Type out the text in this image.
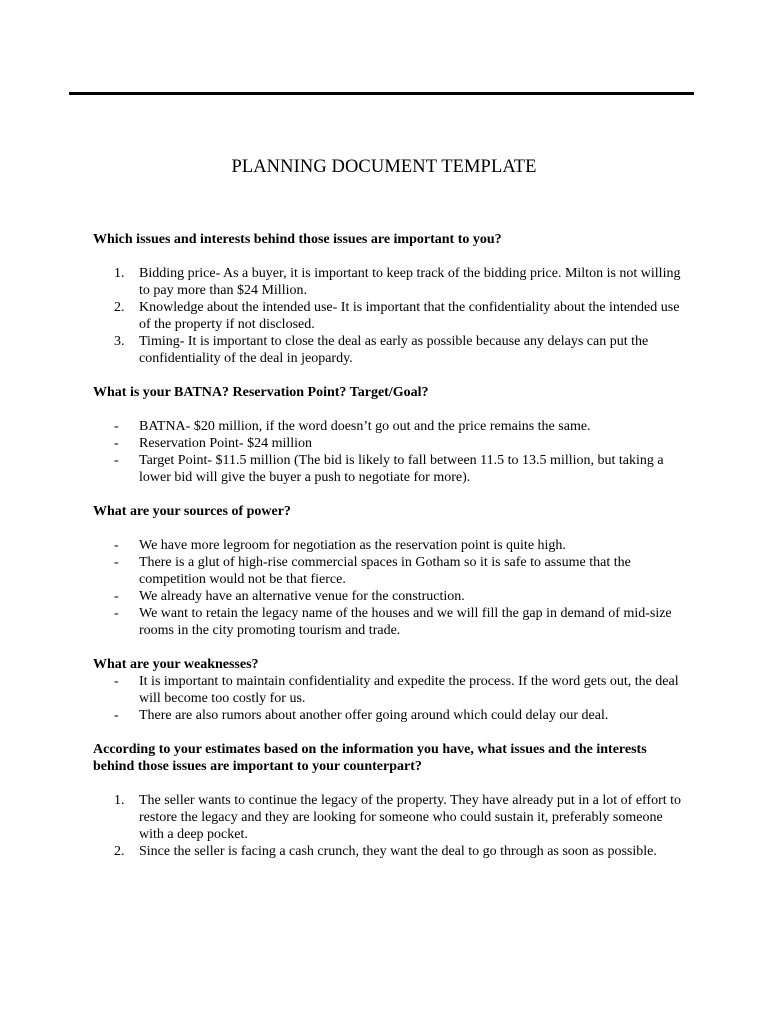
PLANNING DOCUMENT TEMPLATE
Which issues and interests behind those issues are important to you?
1. Bidding price- As a buyer, it is important to keep track of the bidding price. Milton is not willing to pay more than $24 Million.
2. Knowledge about the intended use- It is important that the confidentiality about the intended use of the property if not disclosed.
3. Timing- It is important to close the deal as early as possible because any delays can put the confidentiality of the deal in jeopardy.
What is your BATNA? Reservation Point? Target/Goal?
- BATNA- $20 million, if the word doesn’t go out and the price remains the same.
- Reservation Point- $24 million
- Target Point- $11.5 million (The bid is likely to fall between 11.5 to 13.5 million, but taking a lower bid will give the buyer a push to negotiate for more).
What are your sources of power?
- We have more legroom for negotiation as the reservation point is quite high.
- There is a glut of high-rise commercial spaces in Gotham so it is safe to assume that the competition would not be that fierce.
- We already have an alternative venue for the construction.
- We want to retain the legacy name of the houses and we will fill the gap in demand of mid-size rooms in the city promoting tourism and trade.
What are your weaknesses?
- It is important to maintain confidentiality and expedite the process. If the word gets out, the deal will become too costly for us.
- There are also rumors about another offer going around which could delay our deal.
According to your estimates based on the information you have, what issues and the interests behind those issues are important to your counterpart?
1. The seller wants to continue the legacy of the property. They have already put in a lot of effort to restore the legacy and they are looking for someone who could sustain it, preferably someone with a deep pocket.
2. Since the seller is facing a cash crunch, they want the deal to go through as soon as possible.
